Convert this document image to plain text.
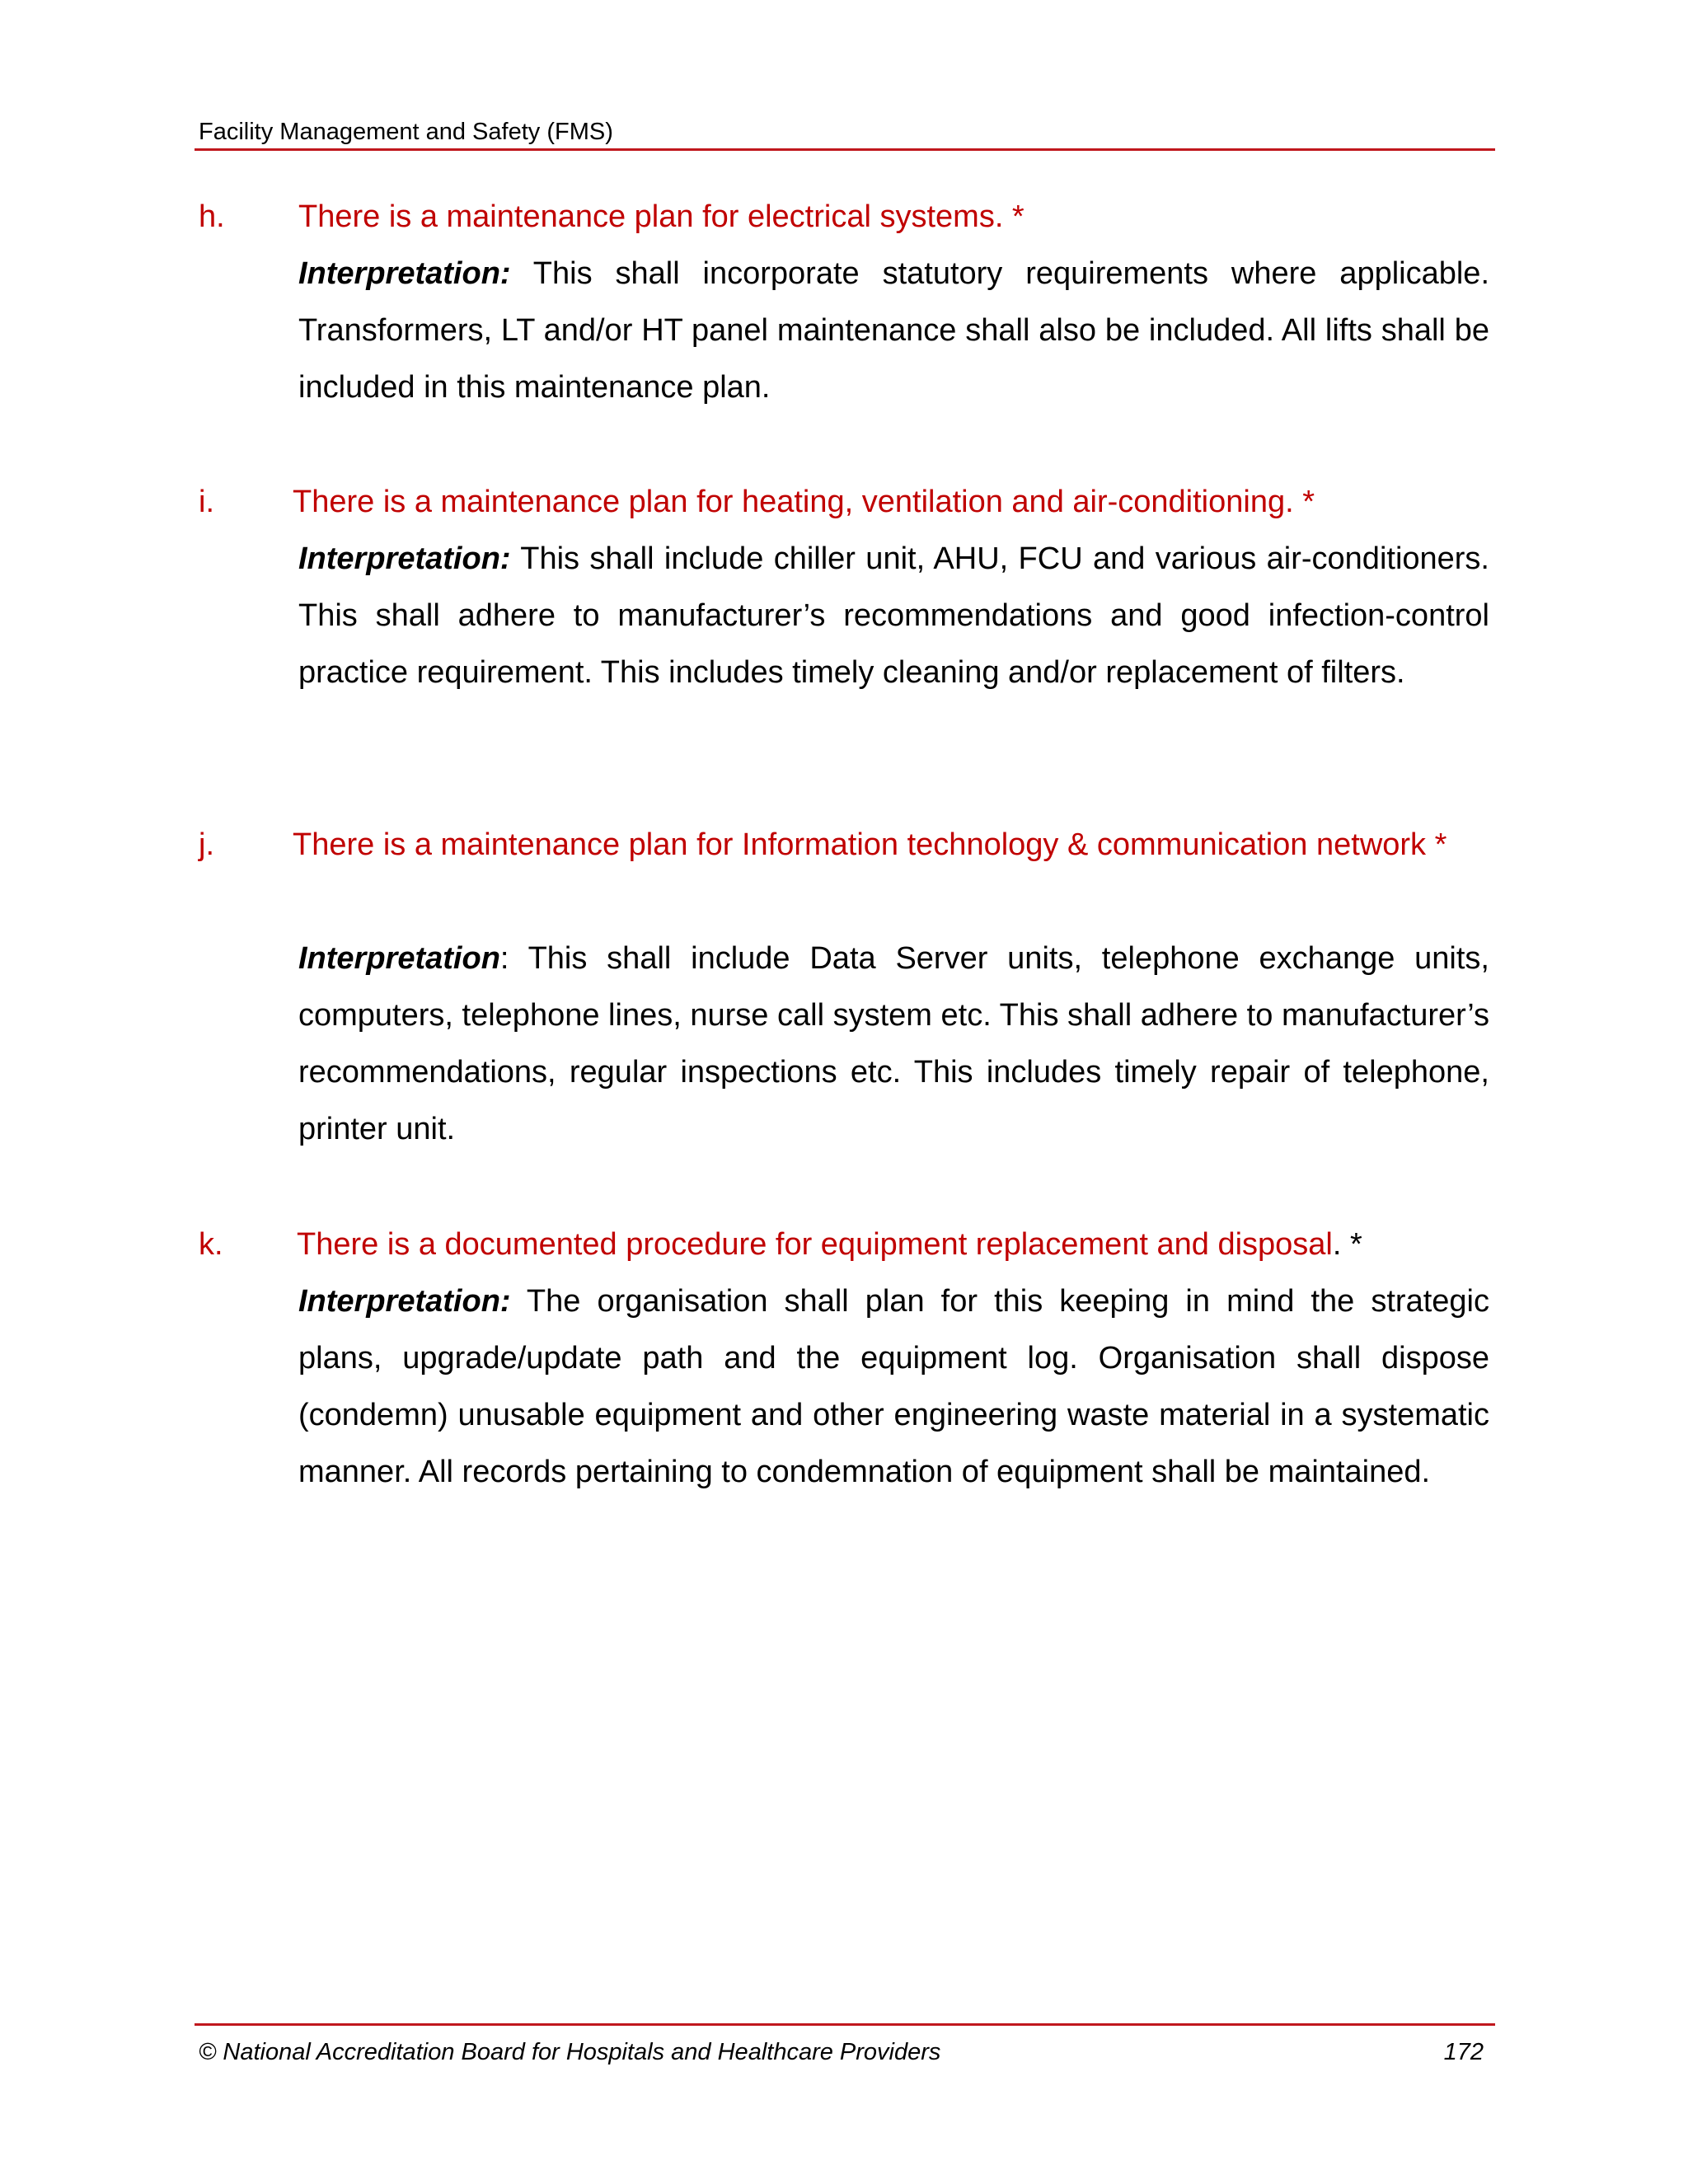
Facility Management and Safety (FMS)
h. There is a maintenance plan for electrical systems. *
Interpretation: This shall incorporate statutory requirements where applicable. Transformers, LT and/or HT panel maintenance shall also be included. All lifts shall be included in this maintenance plan.
i.	There is a maintenance plan for heating, ventilation and air-conditioning. *
Interpretation: This shall include chiller unit, AHU, FCU and various air-conditioners. This shall adhere to manufacturer’s recommendations and good infection-control practice requirement. This includes timely cleaning and/or replacement of filters.
j.	There is a maintenance plan for Information technology & communication network *
Interpretation: This shall include Data Server units, telephone exchange units, computers, telephone lines, nurse call system etc. This shall adhere to manufacturer’s recommendations, regular inspections etc. This includes timely repair of telephone, printer unit.
k. There is a documented procedure for equipment replacement and disposal. *
Interpretation: The organisation shall plan for this keeping in mind the strategic plans, upgrade/update path and the equipment log. Organisation shall dispose (condemn) unusable equipment and other engineering waste material in a systematic manner. All records pertaining to condemnation of equipment shall be maintained.
© National Accreditation Board for Hospitals and Healthcare Providers	172
